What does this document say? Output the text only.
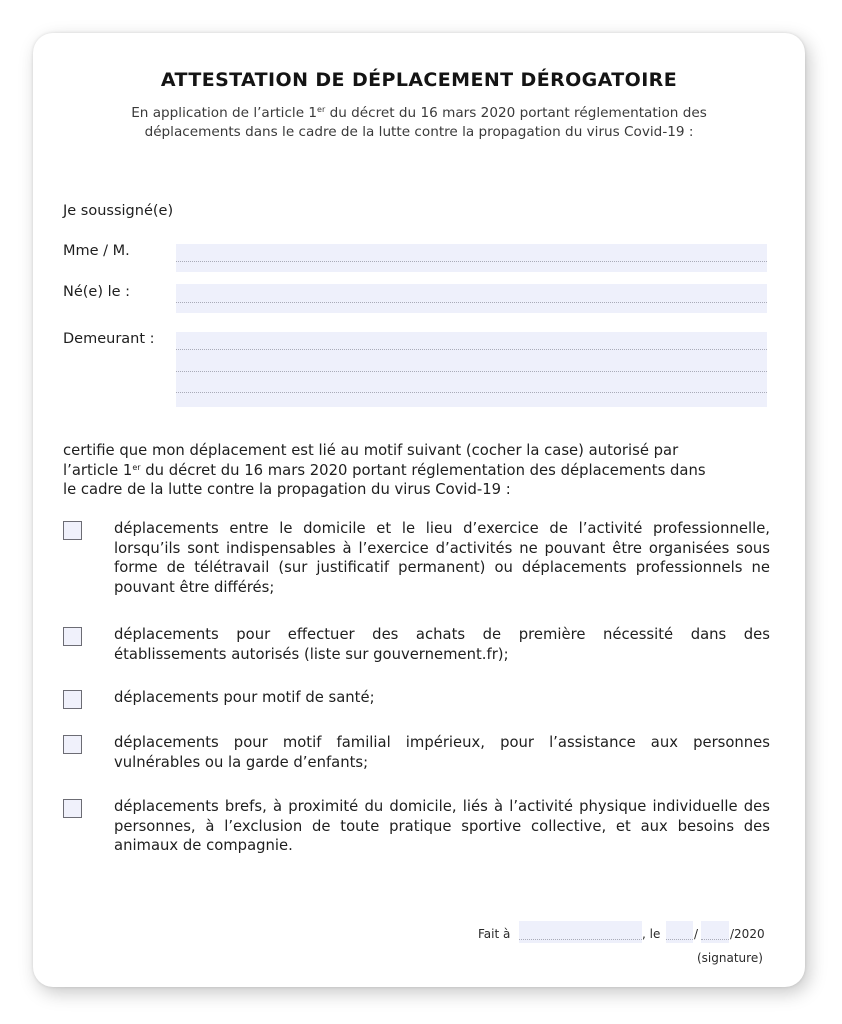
ATTESTATION DE DÉPLACEMENT DÉROGATOIRE
En application de l’article 1er du décret du 16 mars 2020 portant réglementation des
déplacements dans le cadre de la lutte contre la propagation du virus Covid-19 :
Je soussigné(e)
Mme / M.
Né(e) le :
Demeurant :
certifie que mon déplacement est lié au motif suivant (cocher la case) autorisé par
l’article 1er du décret du 16 mars 2020 portant réglementation des déplacements dans
le cadre de la lutte contre la propagation du virus Covid-19 :
déplacements entre le domicile et le lieu d’exercice de l’activité professionnelle, lorsqu’ils sont indispensables à l’exercice d’activités ne pouvant être organisées sous forme de télétravail (sur justificatif permanent) ou déplacements professionnels ne pouvant être différés;
déplacements pour effectuer des achats de première nécessité dans des établissements autorisés (liste sur gouvernement.fr);
déplacements pour motif de santé;
déplacements pour motif familial impérieux, pour l’assistance aux personnes vulnérables ou la garde d’enfants;
déplacements brefs, à proximité du domicile, liés à l’activité physique individuelle des personnes, à l’exclusion de toute pratique sportive collective, et aux besoins des animaux de compagnie.
Fait à	, le	/	/2020
(signature)
